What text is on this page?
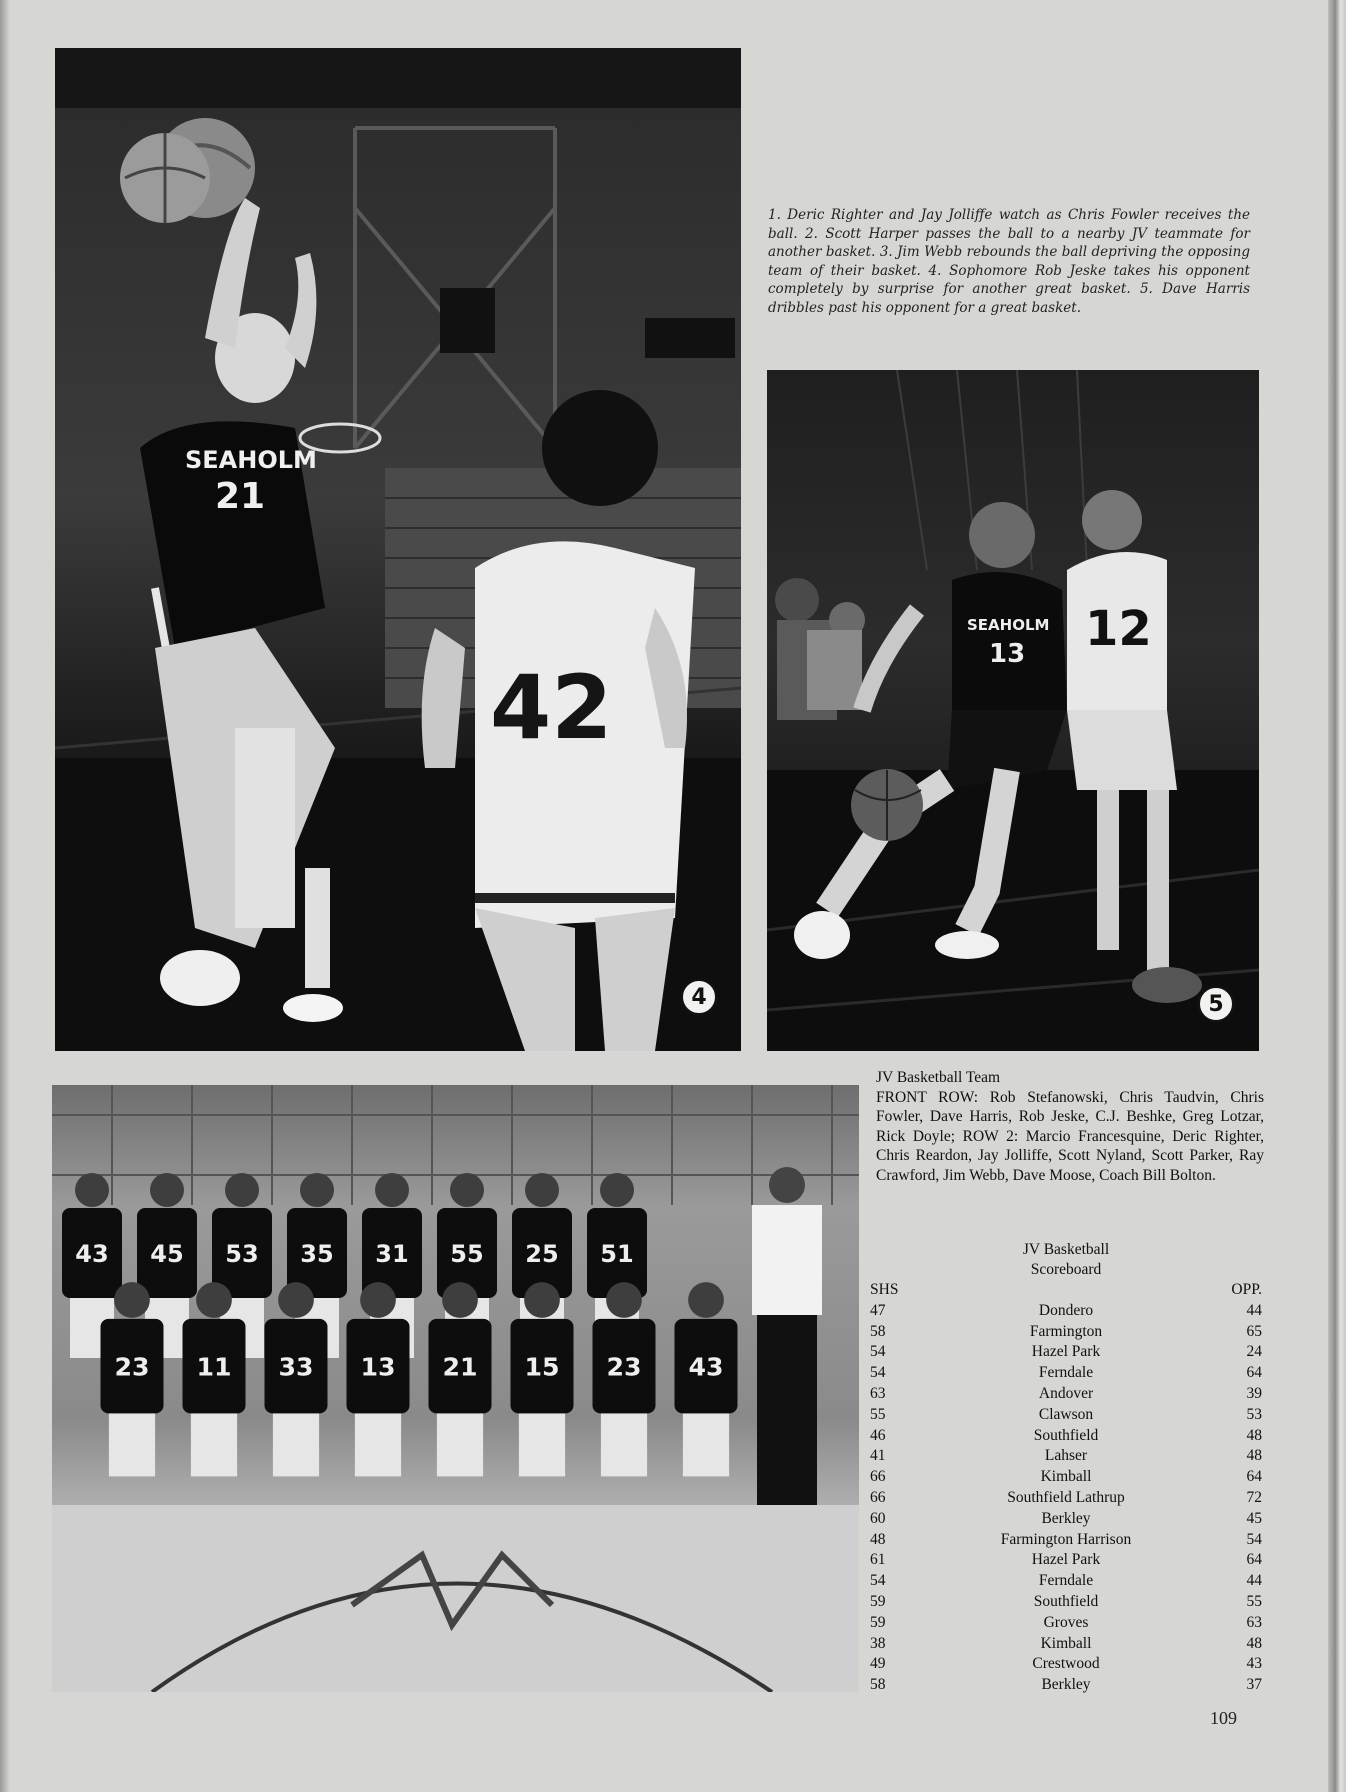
SEAHOLM
21
42
4
12
SEAHOLM
13
5
43 45 53 35 31 55 25 51
23 11 33 13 21 15 23 43
1. Deric Righter and Jay Jolliffe watch as Chris Fowler receives the ball. 2. Scott Harper passes the ball to a nearby JV teammate for another basket. 3. Jim Webb rebounds the ball depriving the opposing team of their basket. 4. Sophomore Rob Jeske takes his opponent completely by surprise for another great basket. 5. Dave Harris dribbles past his opponent for a great basket.
JV Basketball Team
FRONT ROW: Rob Stefanowski, Chris Taudvin, Chris Fowler, Dave Harris, Rob Jeske, C.J. Beshke, Greg Lotzar, Rick Doyle; ROW 2: Marcio Francesquine, Deric Righter, Chris Reardon, Jay Jolliffe, Scott Nyland, Scott Parker, Ray Crawford, Jim Webb, Dave Moose, Coach Bill Bolton.
JV Basketball
Scoreboard
SHS	OPP.
47	Dondero	44
58	Farmington	65
54	Hazel Park	24
54	Ferndale	64
63	Andover	39
55	Clawson	53
46	Southfield	48
41	Lahser	48
66	Kimball	64
66	Southfield Lathrup	72
60	Berkley	45
48	Farmington Harrison	54
61	Hazel Park	64
54	Ferndale	44
59	Southfield	55
59	Groves	63
38	Kimball	48
49	Crestwood	43
58	Berkley	37
109
